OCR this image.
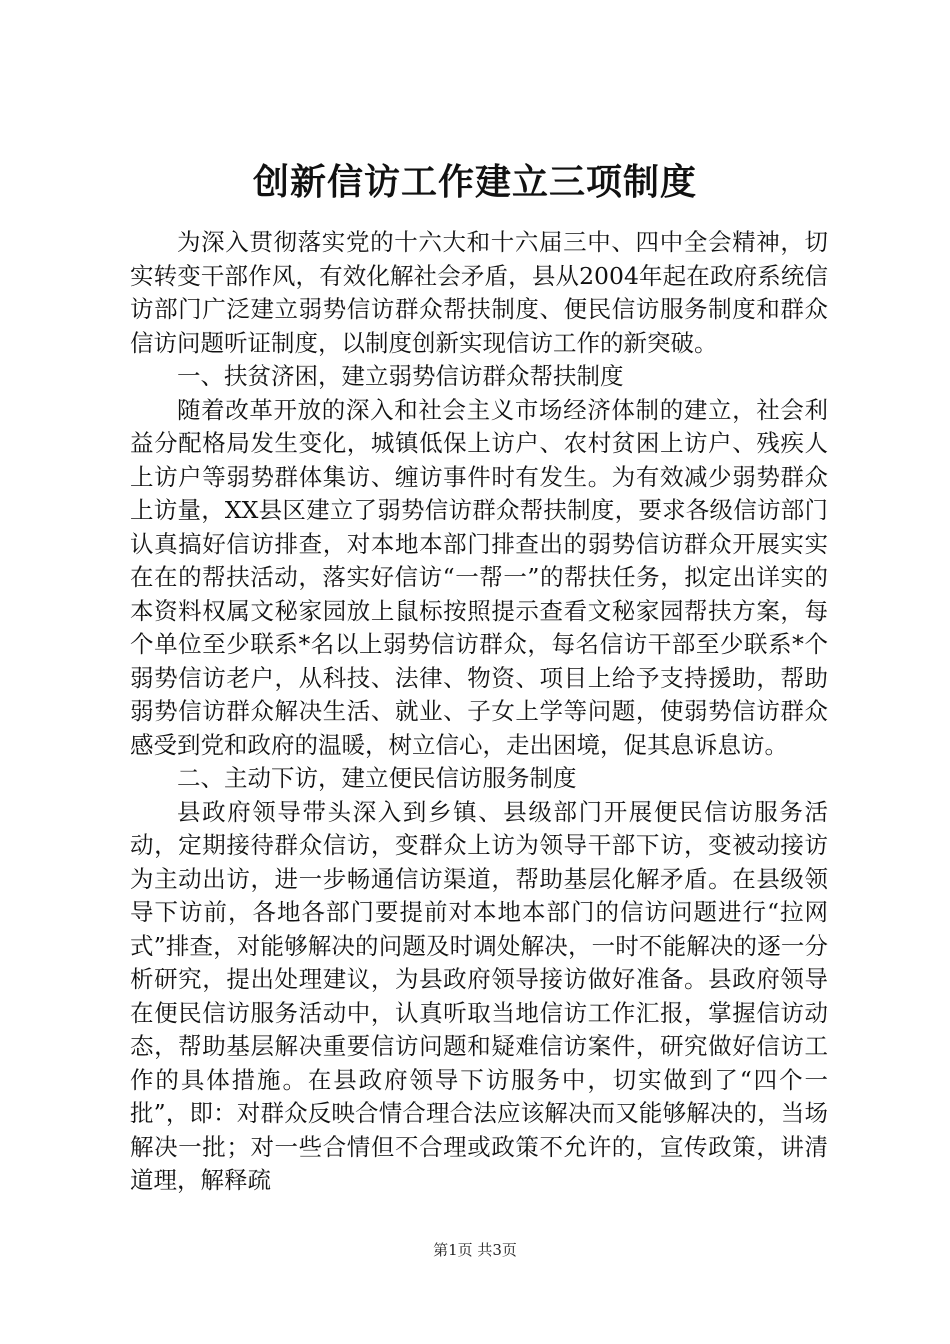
创新信访工作建立三项制度

为深入贯彻落实党的十六大和十六届三中、四中全会精神，切实转变干部作风，有效化解社会矛盾，县从2004年起在政府系统信访部门广泛建立弱势信访群众帮扶制度、便民信访服务制度和群众信访问题听证制度，以制度创新实现信访工作的新突破。

一、扶贫济困，建立弱势信访群众帮扶制度

随着改革开放的深入和社会主义市场经济体制的建立，社会利益分配格局发生变化，城镇低保上访户、农村贫困上访户、残疾人上访户等弱势群体集访、缠访事件时有发生。为有效减少弱势群众上访量，XX县区建立了弱势信访群众帮扶制度，要求各级信访部门认真搞好信访排查，对本地本部门排查出的弱势信访群众开展实实在在的帮扶活动，落实好信访“一帮一”的帮扶任务，拟定出详实的本资料权属文秘家园放上鼠标按照提示查看文秘家园帮扶方案，每个单位至少联系*名以上弱势信访群众，每名信访干部至少联系*个弱势信访老户，从科技、法律、物资、项目上给予支持援助，帮助弱势信访群众解决生活、就业、子女上学等问题，使弱势信访群众感受到党和政府的温暖，树立信心，走出困境，促其息诉息访。

二、主动下访，建立便民信访服务制度

县政府领导带头深入到乡镇、县级部门开展便民信访服务活动，定期接待群众信访，变群众上访为领导干部下访，变被动接访为主动出访，进一步畅通信访渠道，帮助基层化解矛盾。在县级领导下访前，各地各部门要提前对本地本部门的信访问题进行“拉网式”排查，对能够解决的问题及时调处解决，一时不能解决的逐一分析研究，提出处理建议，为县政府领导接访做好准备。县政府领导在便民信访服务活动中，认真听取当地信访工作汇报，掌握信访动态，帮助基层解决重要信访问题和疑难信访案件，研究做好信访工作的具体措施。在县政府领导下访服务中，切实做到了“四个一批”，即：对群众反映合情合理合法应该解决而又能够解决的，当场解决一批；对一些合情但不合理或政策不允许的，宣传政策，讲清道理，解释疏

第1页 共3页
